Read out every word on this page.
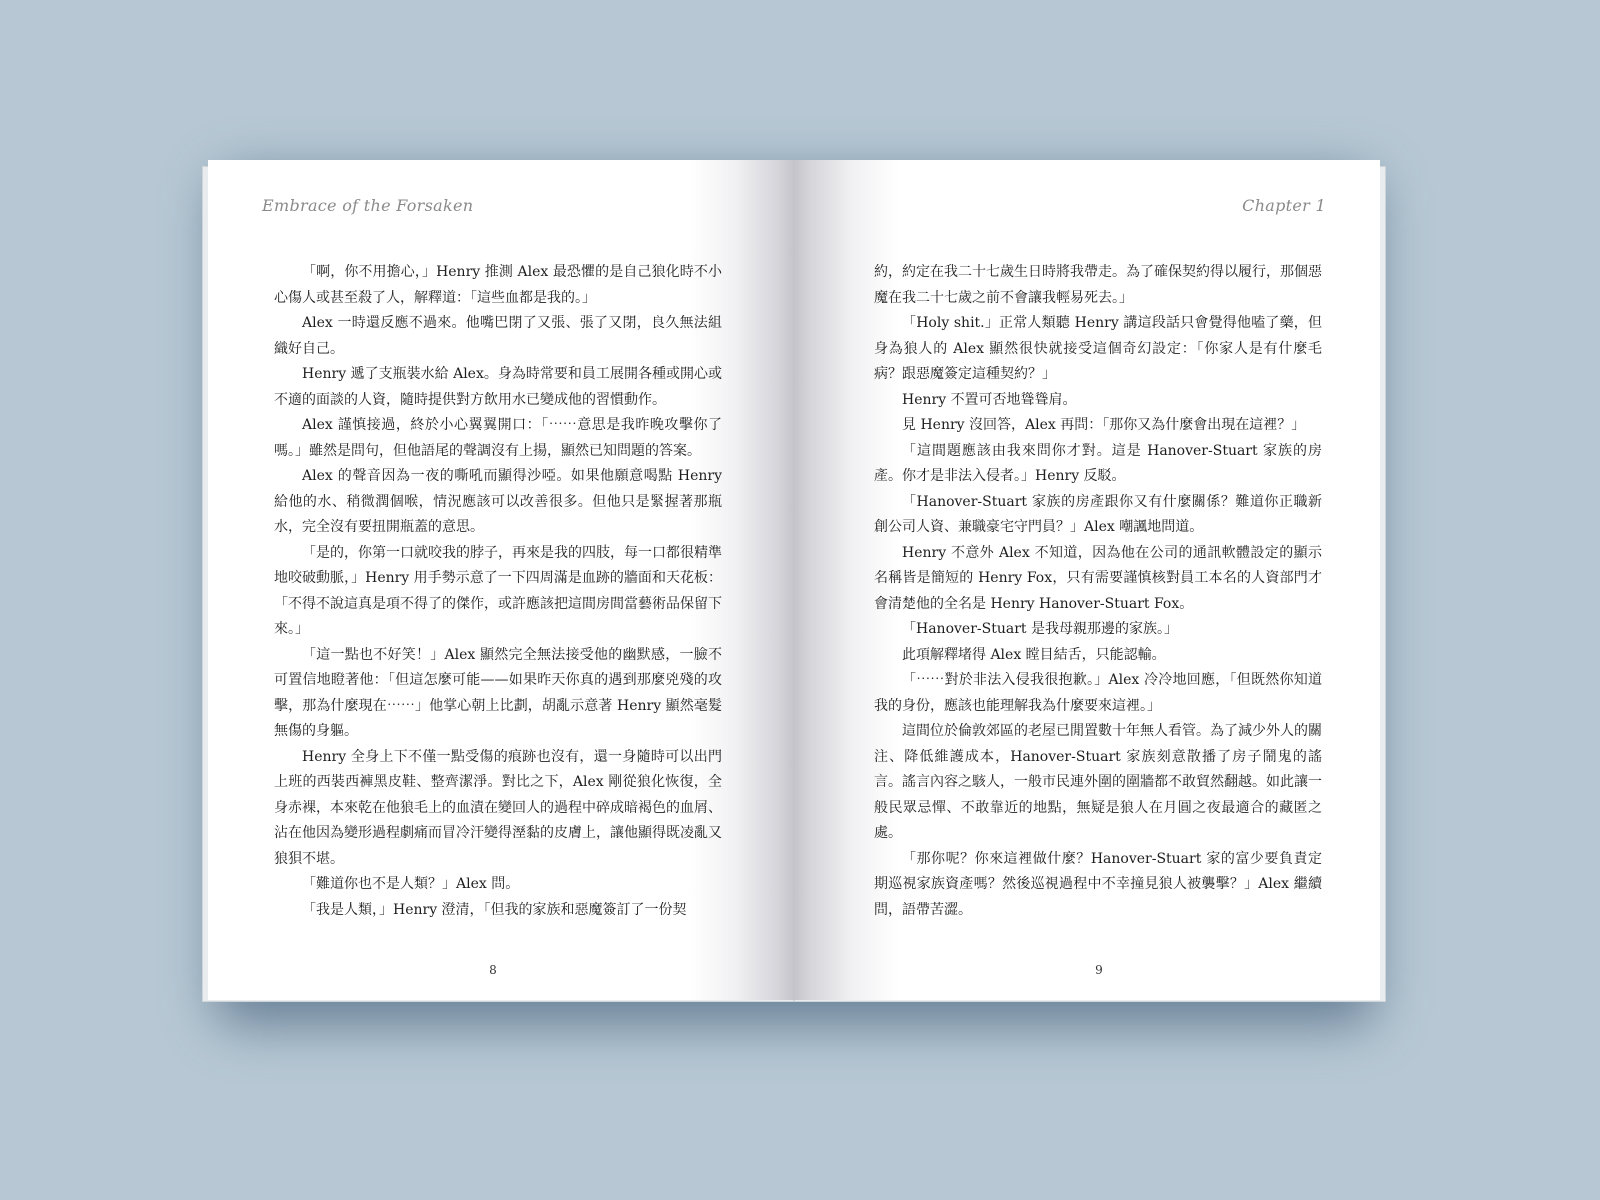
Embrace of the Forsaken

「啊，你不用擔心，」Henry 推測 Alex 最恐懼的是自己狼化時不小心傷人或甚至殺了人，解釋道：「這些血都是我的。」

Alex 一時還反應不過來。他嘴巴閉了又張、張了又閉，良久無法組織好自己。

Henry 遞了支瓶裝水給 Alex。身為時常要和員工展開各種或開心或不適的面談的人資，隨時提供對方飲用水已變成他的習慣動作。

Alex 謹慎接過，終於小心翼翼開口：「⋯⋯意思是我昨晚攻擊你了嗎。」雖然是問句，但他語尾的聲調沒有上揚，顯然已知問題的答案。

Alex 的聲音因為一夜的嘶吼而顯得沙啞。如果他願意喝點 Henry 給他的水、稍微潤個喉，情況應該可以改善很多。但他只是緊握著那瓶水，完全沒有要扭開瓶蓋的意思。

「是的，你第一口就咬我的脖子，再來是我的四肢，每一口都很精準地咬破動脈，」Henry 用手勢示意了一下四周滿是血跡的牆面和天花板：「不得不說這真是項不得了的傑作，或許應該把這間房間當藝術品保留下來。」

「這一點也不好笑！」Alex 顯然完全無法接受他的幽默感，一臉不可置信地瞪著他：「但這怎麼可能——如果昨天你真的遇到那麼兇殘的攻擊，那為什麼現在⋯⋯」他掌心朝上比劃，胡亂示意著 Henry 顯然毫髮無傷的身軀。

Henry 全身上下不僅一點受傷的痕跡也沒有，還一身隨時可以出門上班的西裝西褲黑皮鞋、整齊潔淨。對比之下，Alex 剛從狼化恢復，全身赤裸，本來乾在他狼毛上的血漬在變回人的過程中碎成暗褐色的血屑、沾在他因為變形過程劇痛而冒冷汗變得溼黏的皮膚上，讓他顯得既凌亂又狼狽不堪。

「難道你也不是人類？」Alex 問。

「我是人類，」Henry 澄清，「但我的家族和惡魔簽訂了一份契

8
Chapter 1

約，約定在我二十七歲生日時將我帶走。為了確保契約得以履行，那個惡魔在我二十七歲之前不會讓我輕易死去。」

「Holy shit.」正常人類聽 Henry 講這段話只會覺得他嗑了藥，但身為狼人的 Alex 顯然很快就接受這個奇幻設定：「你家人是有什麼毛病？跟惡魔簽定這種契約？」

Henry 不置可否地聳聳肩。

見 Henry 沒回答，Alex 再問：「那你又為什麼會出現在這裡？」

「這間題應該由我來問你才對。這是 Hanover-Stuart 家族的房產。你才是非法入侵者。」Henry 反駁。

「Hanover-Stuart 家族的房產跟你又有什麼關係？難道你正職新創公司人資、兼職豪宅守門員？」Alex 嘲諷地問道。

Henry 不意外 Alex 不知道，因為他在公司的通訊軟體設定的顯示名稱皆是簡短的 Henry Fox，只有需要謹慎核對員工本名的人資部門才會清楚他的全名是 Henry Hanover-Stuart Fox。

「Hanover-Stuart 是我母親那邊的家族。」

此項解釋堵得 Alex 瞠目結舌，只能認輸。

「⋯⋯對於非法入侵我很抱歉。」Alex 冷冷地回應，「但既然你知道我的身份，應該也能理解我為什麼要來這裡。」

這間位於倫敦郊區的老屋已閒置數十年無人看管。為了減少外人的關注、降低維護成本，Hanover-Stuart 家族刻意散播了房子鬧鬼的謠言。謠言內容之駭人，一般市民連外圍的圍牆都不敢貿然翻越。如此讓一般民眾忌憚、不敢靠近的地點，無疑是狼人在月圓之夜最適合的藏匿之處。

「那你呢？你來這裡做什麼？Hanover-Stuart 家的富少要負責定期巡視家族資產嗎？然後巡視過程中不幸撞見狼人被襲擊？」Alex 繼續問，語帶苦澀。

9
